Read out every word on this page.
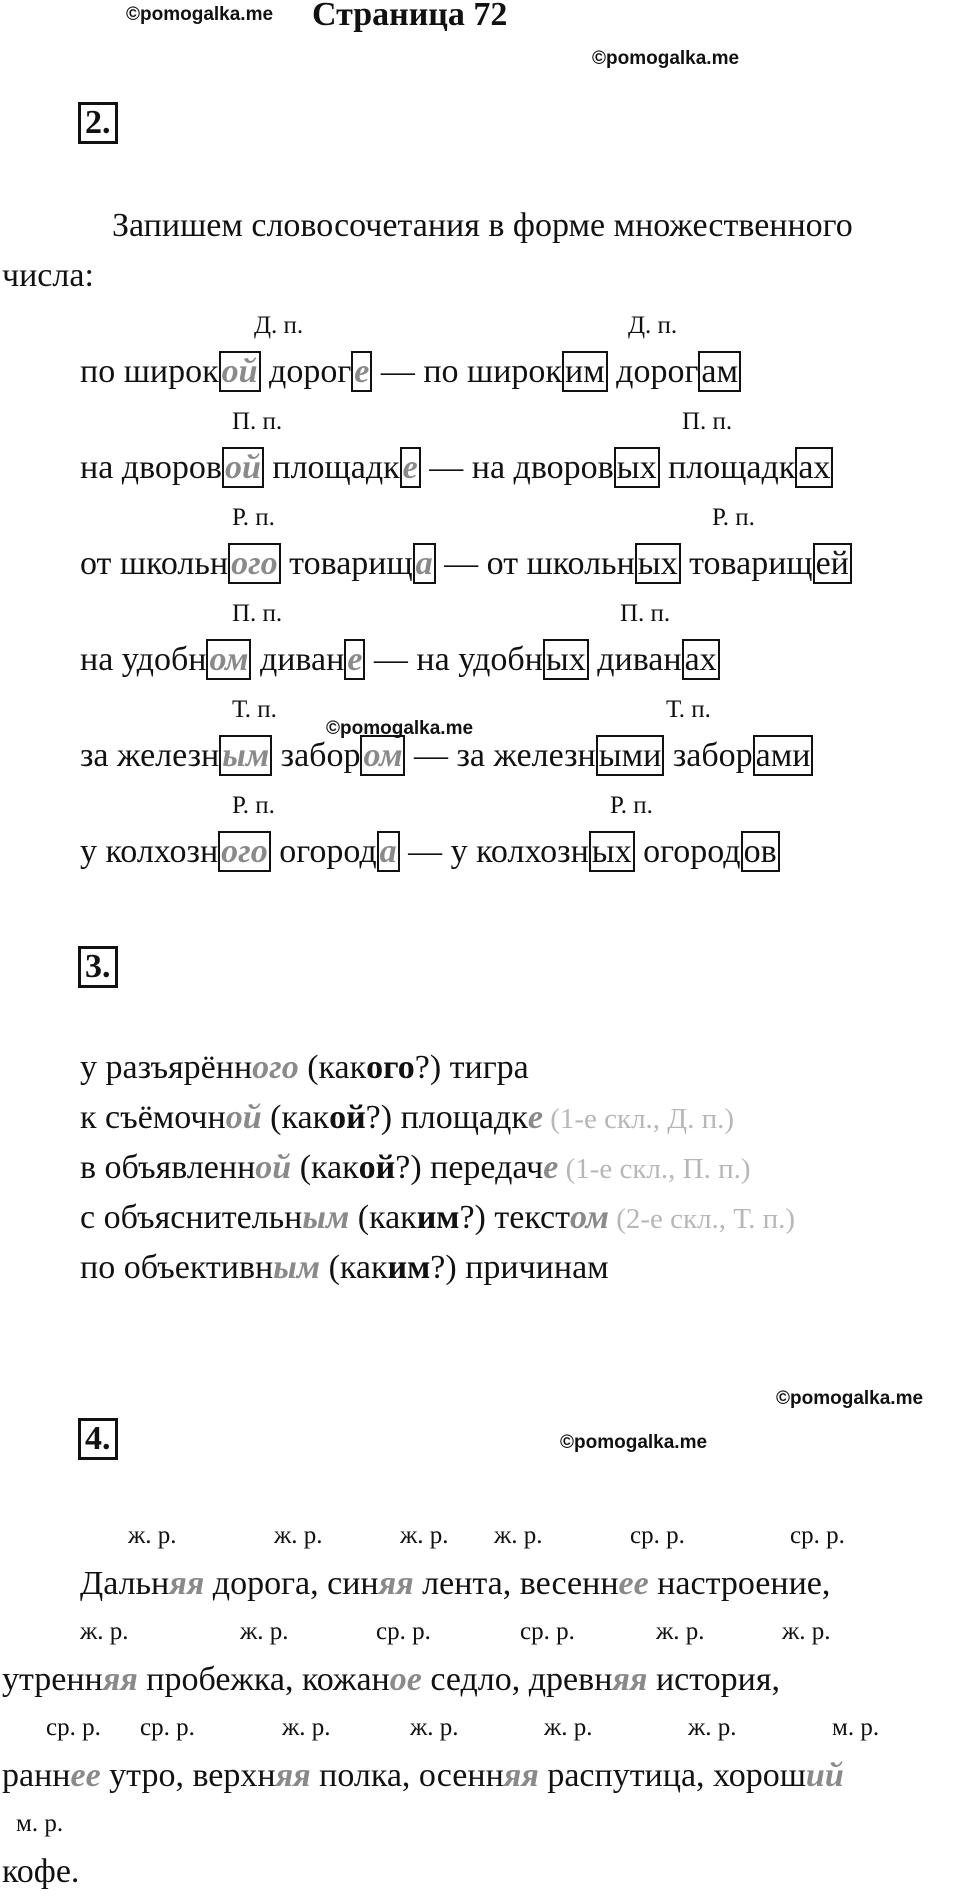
©pomogalka.me Страница 72
©pomogalka.me
2.
Запишем словосочетания в форме множественного
числа:
Д. п.	Д. п.
по широкой дороге — по широким дорогам
П. п.	П. п.
на дворовой площадке — на дворовых площадках
Р. п.	Р. п.
от школьного товарища — от школьных товарищей
П. п.	П. п.
на удобном диване — на удобных диванах
Т. п.
©pomogalka.me
Т. п.
за железным забором — за железными заборами
Р. п.	Р. п.
у колхозного огорода — у колхозных огородов
3.
у разъярённого (какого?) тигра
к съёмочной (какой?) площадке (1-е скл., Д. п.)
в объявленной (какой?) передаче (1-е скл., П. п.)
с объяснительным (каким?) текстом (2-е скл., Т. п.)
по объективным (каким?) причинам
©pomogalka.me
4.	©pomogalka.me
ж. р.	ж. р.	ж. р. ж. р.	ср. р.	ср. р.
Дальняя дорога, синяя лента, весеннее настроение,
ж. р.	ж. р.	ср. р.	ср. р.	ж. р.	ж. р.
утренняя пробежка, кожаное седло, древняя история,
ср. р. ср. р.	ж. р.	ж. р.	ж. р.	ж. р.	м. р.
раннее утро, верхняя полка, осенняя распутица, хороший
м. р.
кофе.
